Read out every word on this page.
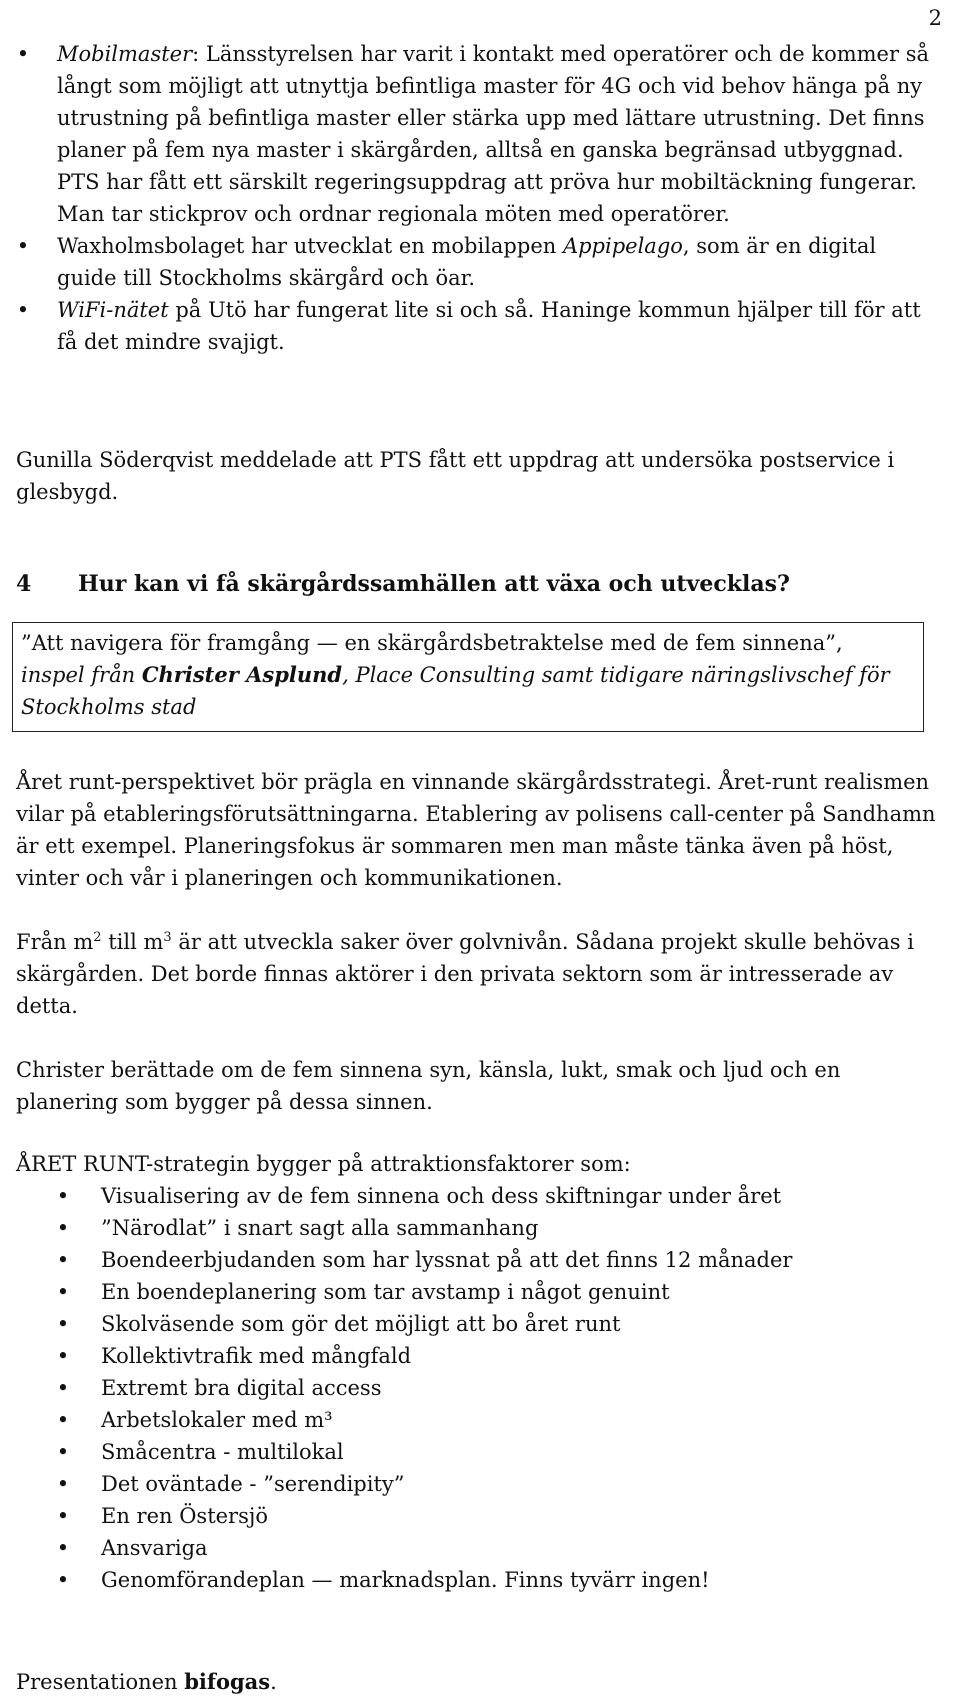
2
• Mobilmaster: Länsstyrelsen har varit i kontakt med operatörer och de kommer så långt som möjligt att utnyttja befintliga master för 4G och vid behov hänga på ny utrustning på befintliga master eller stärka upp med lättare utrustning. Det finns planer på fem nya master i skärgården, alltså en ganska begränsad utbyggnad. PTS har fått ett särskilt regeringsuppdrag att pröva hur mobiltäckning fungerar. Man tar stickprov och ordnar regionala möten med operatörer.
• Waxholmsbolaget har utvecklat en mobilappen Appipelago, som är en digital guide till Stockholms skärgård och öar.
• WiFi-nätet på Utö har fungerat lite si och så. Haninge kommun hjälper till för att få det mindre svajigt.
Gunilla Söderqvist meddelade att PTS fått ett uppdrag att undersöka postservice i glesbygd.
4 Hur kan vi få skärgårdssamhällen att växa och utvecklas?
”Att navigera för framgång — en skärgårdsbetraktelse med de fem sinnena”,
inspel från Christer Asplund, Place Consulting samt tidigare näringslivschef för Stockholms stad
Året runt-perspektivet bör prägla en vinnande skärgårdsstrategi. Året-runt realismen vilar på etableringsförutsättningarna. Etablering av polisens call-center på Sandhamn är ett exempel. Planeringsfokus är sommaren men man måste tänka även på höst, vinter och vår i planeringen och kommunikationen.
Från $m^2$ till $m^3$ är att utveckla saker över golvnivån. Sådana projekt skulle behövas i skärgården. Det borde finnas aktörer i den privata sektorn som är intresserade av detta.
Christer berättade om de fem sinnena syn, känsla, lukt, smak och ljud och en planering som bygger på dessa sinnen.
ÅRET RUNT-strategin bygger på attraktionsfaktorer som:
• Visualisering av de fem sinnena och dess skiftningar under året
• ”Närodlat” i snart sagt alla sammanhang
• Boendeerbjudanden som har lyssnat på att det finns 12 månader
• En boendeplanering som tar avstamp i något genuint
• Skolväsende som gör det möjligt att bo året runt
• Kollektivtrafik med mångfald
• Extremt bra digital access
• Arbetslokaler med m³
• Småcentra - multilokal
• Det oväntade - ”serendipity”
• En ren Östersjö
• Ansvariga
• Genomförandeplan — marknadsplan. Finns tyvärr ingen!
Presentationen bifogas.
